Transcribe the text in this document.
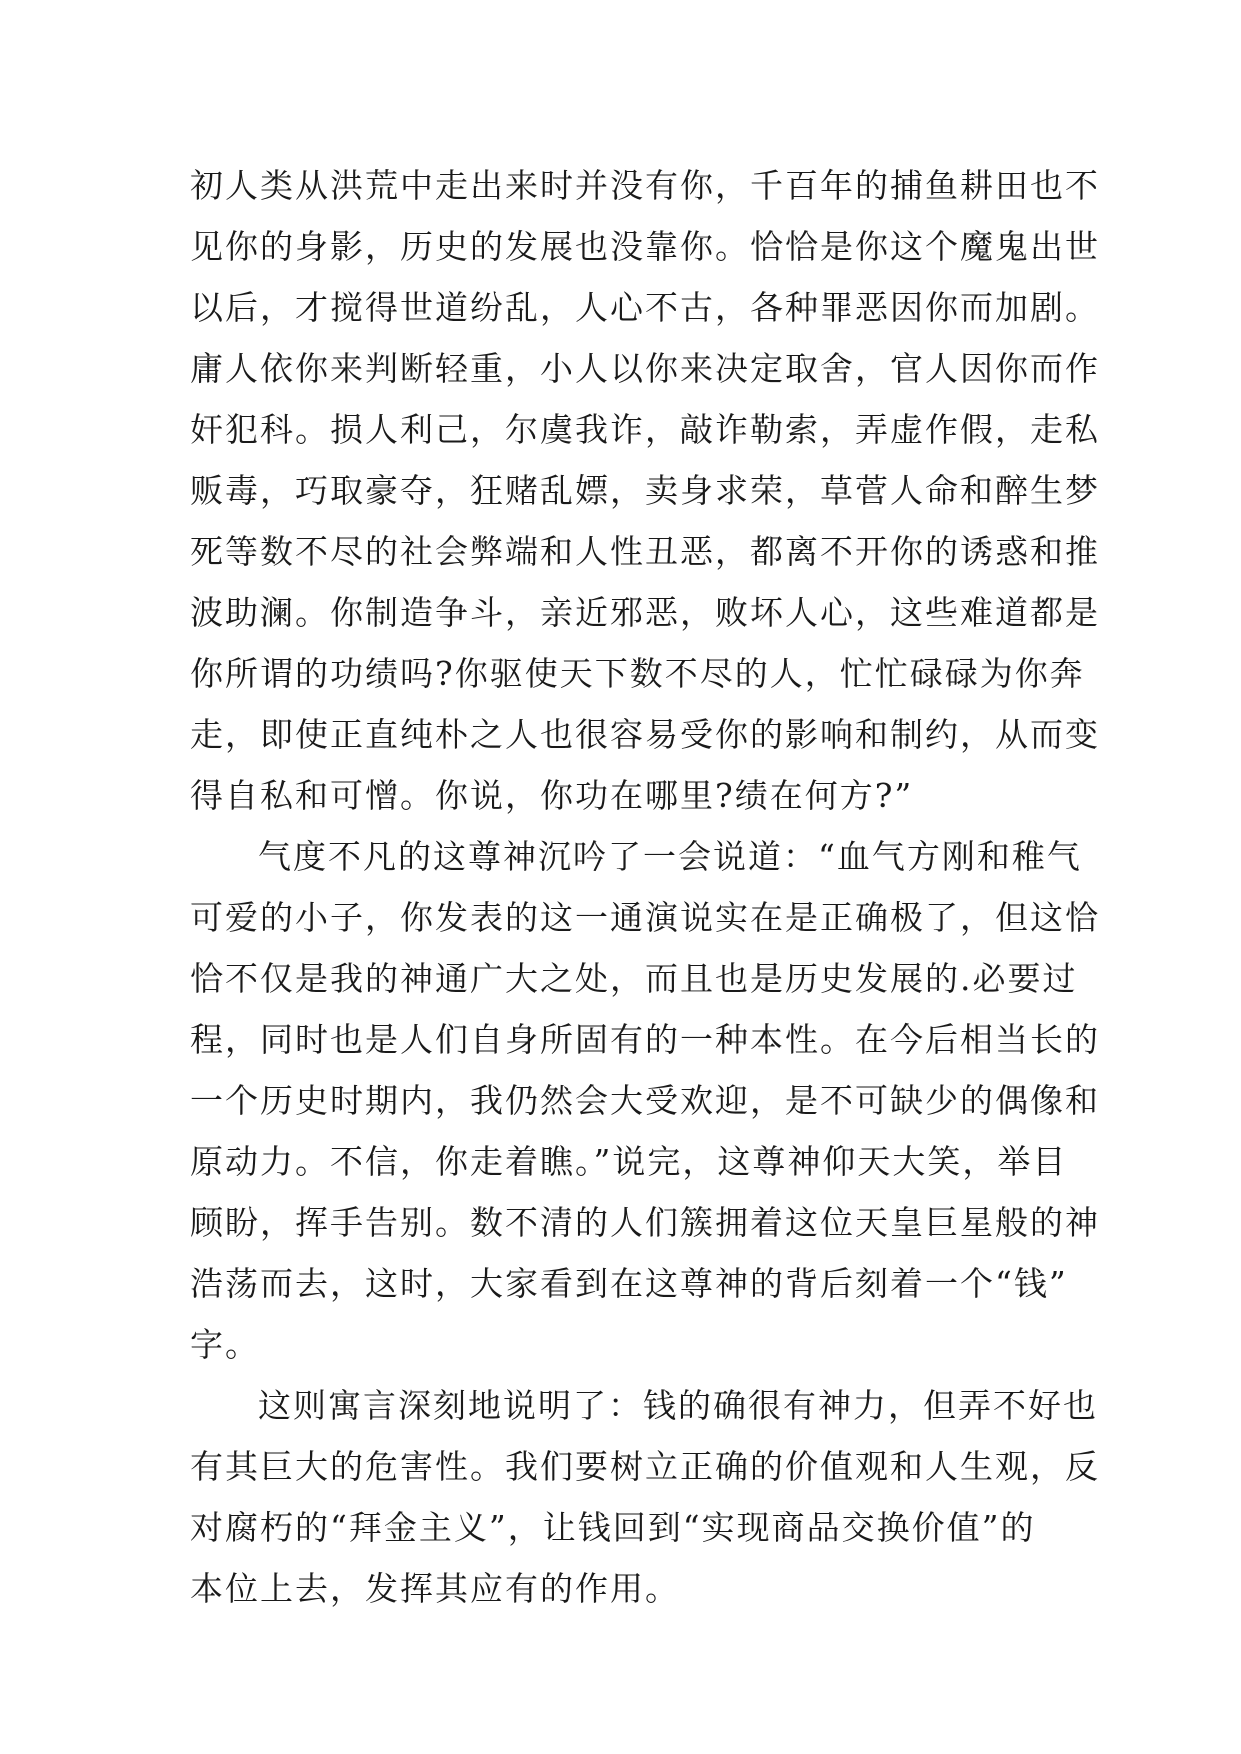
初人类从洪荒中走出来时并没有你，千百年的捕鱼耕田也不
见你的身影，历史的发展也没靠你。恰恰是你这个魔鬼出世
以后，才搅得世道纷乱，人心不古，各种罪恶因你而加剧。
庸人依你来判断轻重，小人以你来决定取舍，官人因你而作
奸犯科。损人利己，尔虞我诈，敲诈勒索，弄虚作假，走私
贩毒，巧取豪夺，狂赌乱嫖，卖身求荣，草菅人命和醉生梦
死等数不尽的社会弊端和人性丑恶，都离不开你的诱惑和推
波助澜。你制造争斗，亲近邪恶，败坏人心，这些难道都是
你所谓的功绩吗?你驱使天下数不尽的人，忙忙碌碌为你奔
走，即使正直纯朴之人也很容易受你的影响和制约，从而变
得自私和可憎。你说，你功在哪里?绩在何方?”
气度不凡的这尊神沉吟了一会说道：“血气方刚和稚气
可爱的小子，你发表的这一通演说实在是正确极了，但这恰
恰不仅是我的神通广大之处，而且也是历史发展的.必要过
程，同时也是人们自身所固有的一种本性。在今后相当长的
一个历史时期内，我仍然会大受欢迎，是不可缺少的偶像和
原动力。不信，你走着瞧。”说完，这尊神仰天大笑，举目
顾盼，挥手告别。数不清的人们簇拥着这位天皇巨星般的神
浩荡而去，这时，大家看到在这尊神的背后刻着一个“钱”
字。
这则寓言深刻地说明了：钱的确很有神力，但弄不好也
有其巨大的危害性。我们要树立正确的价值观和人生观，反
对腐朽的“拜金主义”，让钱回到“实现商品交换价值”的
本位上去，发挥其应有的作用。
